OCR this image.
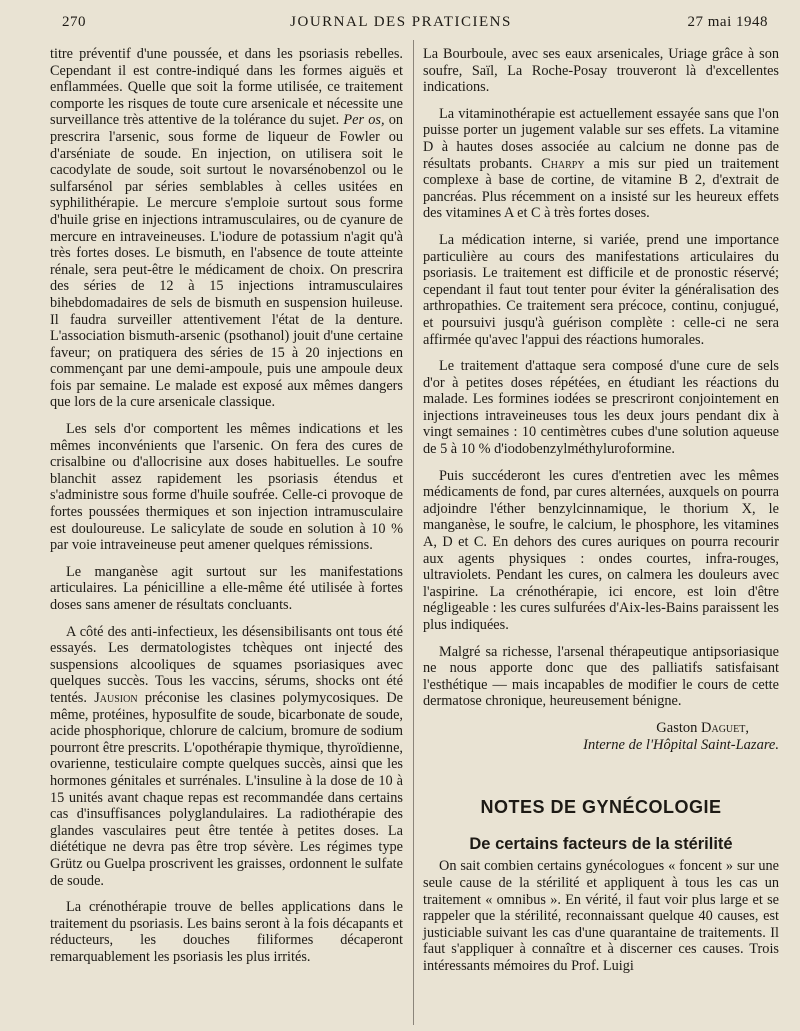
270	JOURNAL DES PRATICIENS	27 mai 1948

titre préventif d'une poussée, et dans les psoriasis rebelles. Cependant il est contre-indiqué dans les formes aiguës et enflammées. Quelle que soit la forme utilisée, ce traitement comporte les risques de toute cure arsenicale et nécessite une surveillance très attentive de la tolérance du sujet. Per os, on prescrira l'arsenic, sous forme de liqueur de Fowler ou d'arséniate de soude. En injection, on utilisera soit le cacodylate de soude, soit surtout le novarsénobenzol ou le sulfarsénol par séries semblables à celles usitées en syphilithérapie. Le mercure s'emploie surtout sous forme d'huile grise en injections intramusculaires, ou de cyanure de mercure en intraveineuses. L'iodure de potassium n'agit qu'à très fortes doses. Le bismuth, en l'absence de toute atteinte rénale, sera peut-être le médicament de choix. On prescrira des séries de 12 à 15 injections intramusculaires bihebdomadaires de sels de bismuth en suspension huileuse. Il faudra surveiller attentivement l'état de la denture. L'association bismuth-arsenic (psothanol) jouit d'une certaine faveur; on pratiquera des séries de 15 à 20 injections en commençant par une demi-ampoule, puis une ampoule deux fois par semaine. Le malade est exposé aux mêmes dangers que lors de la cure arsenicale classique.

Les sels d'or comportent les mêmes indications et les mêmes inconvénients que l'arsenic. On fera des cures de crisalbine ou d'allocrisine aux doses habituelles. Le soufre blanchit assez rapidement les psoriasis étendus et s'administre sous forme d'huile soufrée. Celle-ci provoque de fortes poussées thermiques et son injection intramusculaire est douloureuse. Le salicylate de soude en solution à 10 % par voie intraveineuse peut amener quelques rémissions.

Le manganèse agit surtout sur les manifestations articulaires. La pénicilline a elle-même été utilisée à fortes doses sans amener de résultats concluants.

A côté des anti-infectieux, les désensibilisants ont tous été essayés. Les dermatologistes tchèques ont injecté des suspensions alcooliques de squames psoriasiques avec quelques succès. Tous les vaccins, sérums, shocks ont été tentés. Jausion préconise les clasines polymycosiques. De même, protéines, hyposulfite de soude, bicarbonate de soude, acide phosphorique, chlorure de calcium, bromure de sodium pourront être prescrits. L'opothérapie thymique, thyroïdienne, ovarienne, testiculaire compte quelques succès, ainsi que les hormones génitales et surrénales. L'insuline à la dose de 10 à 15 unités avant chaque repas est recommandée dans certains cas d'insuffisances polyglandulaires. La radiothérapie des glandes vasculaires peut être tentée à petites doses. La diététique ne devra pas être trop sévère. Les régimes type Grütz ou Guelpa proscrivent les graisses, ordonnent le sulfate de soude.

La crénothérapie trouve de belles applications dans le traitement du psoriasis. Les bains seront à la fois décapants et réducteurs, les douches filiformes décaperont remarquablement les psoriasis les plus irrités.

La Bourboule, avec ses eaux arsenicales, Uriage grâce à son soufre, Saïl, La Roche-Posay trouveront là d'excellentes indications.

La vitaminothérapie est actuellement essayée sans que l'on puisse porter un jugement valable sur ses effets. La vitamine D à hautes doses associée au calcium ne donne pas de résultats probants. Charpy a mis sur pied un traitement complexe à base de cortine, de vitamine B 2, d'extrait de pancréas. Plus récemment on a insisté sur les heureux effets des vitamines A et C à très fortes doses.

La médication interne, si variée, prend une importance particulière au cours des manifestations articulaires du psoriasis. Le traitement est difficile et de pronostic réservé; cependant il faut tout tenter pour éviter la généralisation des arthropathies. Ce traitement sera précoce, continu, conjugué, et poursuivi jusqu'à guérison complète : celle-ci ne sera affirmée qu'avec l'appui des réactions humorales.

Le traitement d'attaque sera composé d'une cure de sels d'or à petites doses répétées, en étudiant les réactions du malade. Les formines iodées se prescriront conjointement en injections intraveineuses tous les deux jours pendant dix à vingt semaines : 10 centimètres cubes d'une solution aqueuse de 5 à 10 % d'iodobenzylméthyluroformine.

Puis succéderont les cures d'entretien avec les mêmes médicaments de fond, par cures alternées, auxquels on pourra adjoindre l'éther benzylcinnamique, le thorium X, le manganèse, le soufre, le calcium, le phosphore, les vitamines A, D et C. En dehors des cures auriques on pourra recourir aux agents physiques : ondes courtes, infra-rouges, ultraviolets. Pendant les cures, on calmera les douleurs avec l'aspirine. La crénothérapie, ici encore, est loin d'être négligeable : les cures sulfurées d'Aix-les-Bains paraissent les plus indiquées.

Malgré sa richesse, l'arsenal thérapeutique antipsoriasique ne nous apporte donc que des palliatifs satisfaisant l'esthétique — mais incapables de modifier le cours de cette dermatose chronique, heureusement bénigne.

Gaston Daguet,
Interne de l'Hôpital Saint-Lazare.
NOTES DE GYNÉCOLOGIE
De certains facteurs de la stérilité

On sait combien certains gynécologues « foncent » sur une seule cause de la stérilité et appliquent à tous les cas un traitement « omnibus ». En vérité, il faut voir plus large et se rappeler que la stérilité, reconnaissant quelque 40 causes, est justiciable suivant les cas d'une quarantaine de traitements. Il faut s'appliquer à connaître et à discerner ces causes. Trois intéressants mémoires du Prof. Luigi
